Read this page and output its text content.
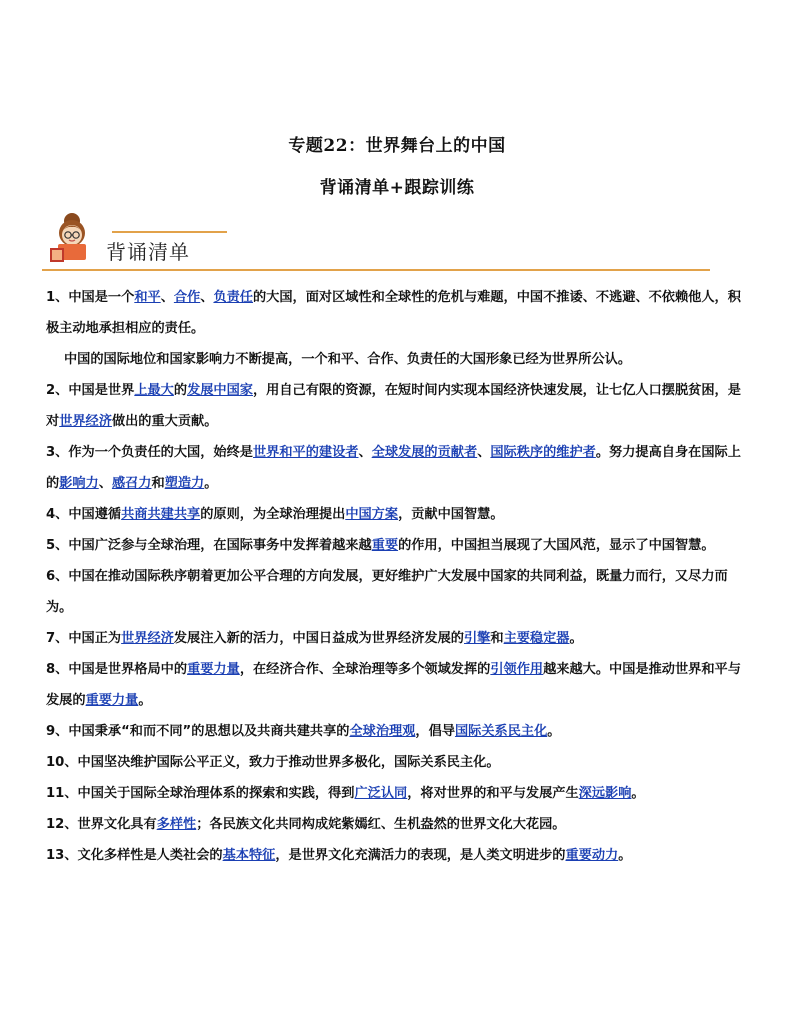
专题22：世界舞台上的中国
背诵清单+跟踪训练
背诵清单

1、中国是一个和平、合作、负责任的大国，面对区域性和全球性的危机与难题，中国不推诿、不逃避、不依赖他人，积极主动地承担相应的责任。

中国的国际地位和国家影响力不断提高，一个和平、合作、负责任的大国形象已经为世界所公认。

2、中国是世界上最大的发展中国家，用自己有限的资源，在短时间内实现本国经济快速发展，让七亿人口摆脱贫困，是对世界经济做出的重大贡献。

3、作为一个负责任的大国，始终是世界和平的建设者、全球发展的贡献者、国际秩序的维护者。努力提高自身在国际上的影响力、感召力和塑造力。

4、中国遵循共商共建共享的原则，为全球治理提出中国方案，贡献中国智慧。

5、中国广泛参与全球治理，在国际事务中发挥着越来越重要的作用，中国担当展现了大国风范，显示了中国智慧。

6、中国在推动国际秩序朝着更加公平合理的方向发展，更好维护广大发展中国家的共同利益，既量力而行，又尽力而为。

7、中国正为世界经济发展注入新的活力，中国日益成为世界经济发展的引擎和主要稳定器。

8、中国是世界格局中的重要力量，在经济合作、全球治理等多个领域发挥的引领作用越来越大。中国是推动世界和平与发展的重要力量。

9、中国秉承“和而不同”的思想以及共商共建共享的全球治理观，倡导国际关系民主化。

10、中国坚决维护国际公平正义，致力于推动世界多极化，国际关系民主化。

11、中国关于国际全球治理体系的探索和实践，得到广泛认同，将对世界的和平与发展产生深远影响。

12、世界文化具有多样性；各民族文化共同构成姹紫嫣红、生机盎然的世界文化大花园。

13、文化多样性是人类社会的基本特征，是世界文化充满活力的表现，是人类文明进步的重要动力。
